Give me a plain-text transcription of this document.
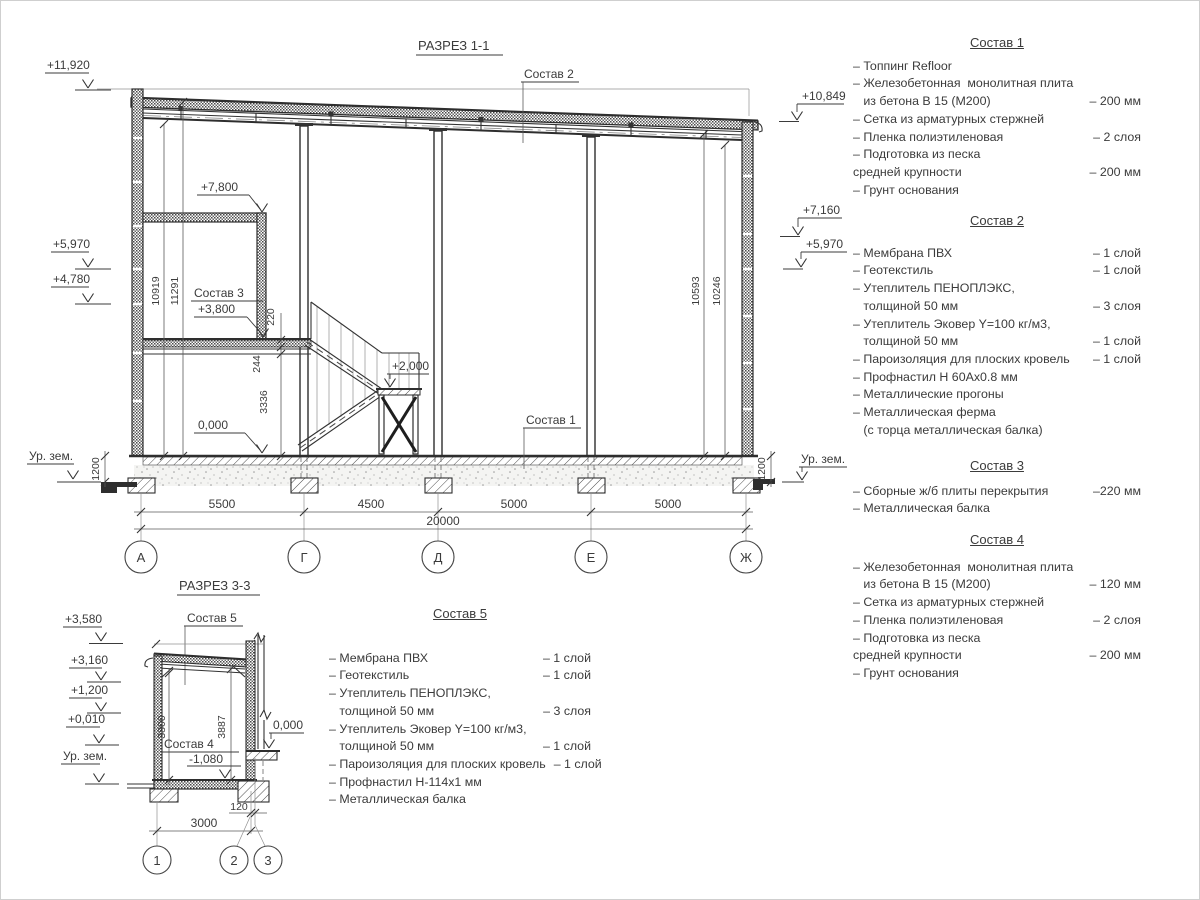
10919 11291
220
244
3336
10593 10246
1200	1200
5500	4500	5000	5000
20000
А	Г	Д	Е	Ж
+11,920
+5,970
+4,780
Ур. зем.
+10,849
+7,160
+5,970
Ур. зем.
+7,800
Состав 3
+3,800
0,000
+2,000
Состав 2
Состав 1
РАЗРЕЗ 1-1
РАЗРЕЗ 3-3
Состав 5
3800	3887
Состав 4
-1,080
0,000
+3,580
+3,160
+1,200
+0,010
Ур. зем.
120
3000
1	2 3
Состав 1
– Топпинг Refloor
– Железобетонная  монолитная плита
из бетона В 15 (М200)	– 200 мм
– Сетка из арматурных стержней
– Пленка полиэтиленовая	– 2 слоя
– Подготовка из песка
средней крупности	– 200 мм
– Грунт основания
Состав 2
– Мембрана ПВХ	– 1 слой
– Геотекстиль	– 1 слой
– Утеплитель ПЕНОПЛЭКС,
толщиной 50 мм	– 3 слоя
– Утеплитель Эковер Y=100 кг/м3,
толщиной 50 мм	– 1 слой
– Пароизоляция для плоских кровель – 1 слой
– Профнастил Н 60Ах0.8 мм
– Металлические прогоны
– Металлическая ферма
(с торца металлическая балка)
Состав 3
– Сборные ж/б плиты перекрытия	–220 мм
– Металлическая балка
Состав 4
– Железобетонная  монолитная плита
из бетона В 15 (М200)	– 120 мм
– Сетка из арматурных стержней
– Пленка полиэтиленовая	– 2 слоя
– Подготовка из песка
средней крупности	– 200 мм
– Грунт основания
Состав 5
– Мембрана ПВХ	– 1 слой
– Геотекстиль	– 1 слой
– Утеплитель ПЕНОПЛЭКС,
толщиной 50 мм	– 3 слоя
– Утеплитель Эковер Y=100 кг/м3,
толщиной 50 мм	– 1 слой
– Пароизоляция для плоских кровель – 1 слой
– Профнастил Н-114х1 мм
– Металлическая балка
